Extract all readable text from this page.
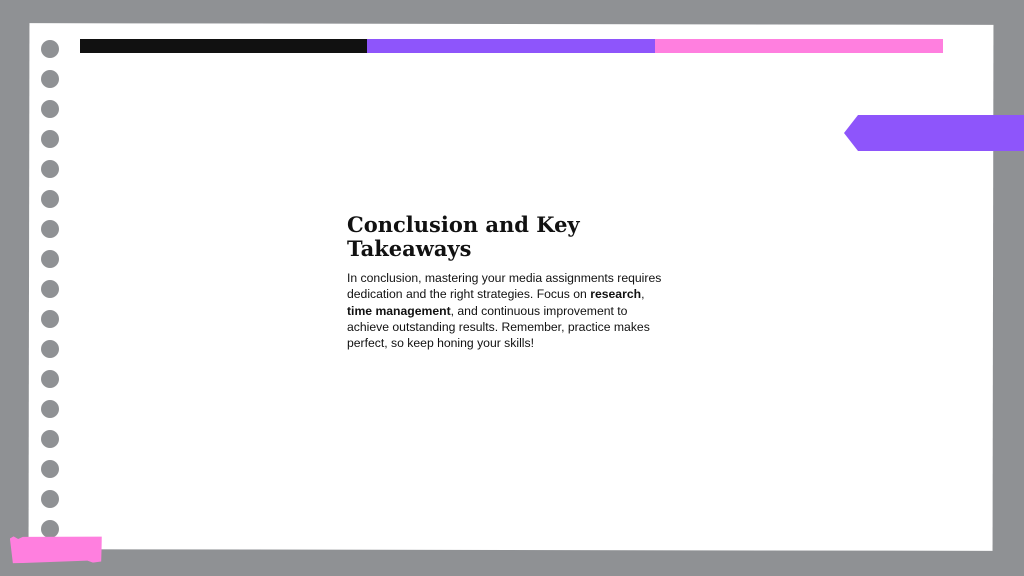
Conclusion and Key Takeaways

In conclusion, mastering your media assignments requires dedication and the right strategies. Focus on research, time management, and continuous improvement to achieve outstanding results. Remember, practice makes perfect, so keep honing your skills!
